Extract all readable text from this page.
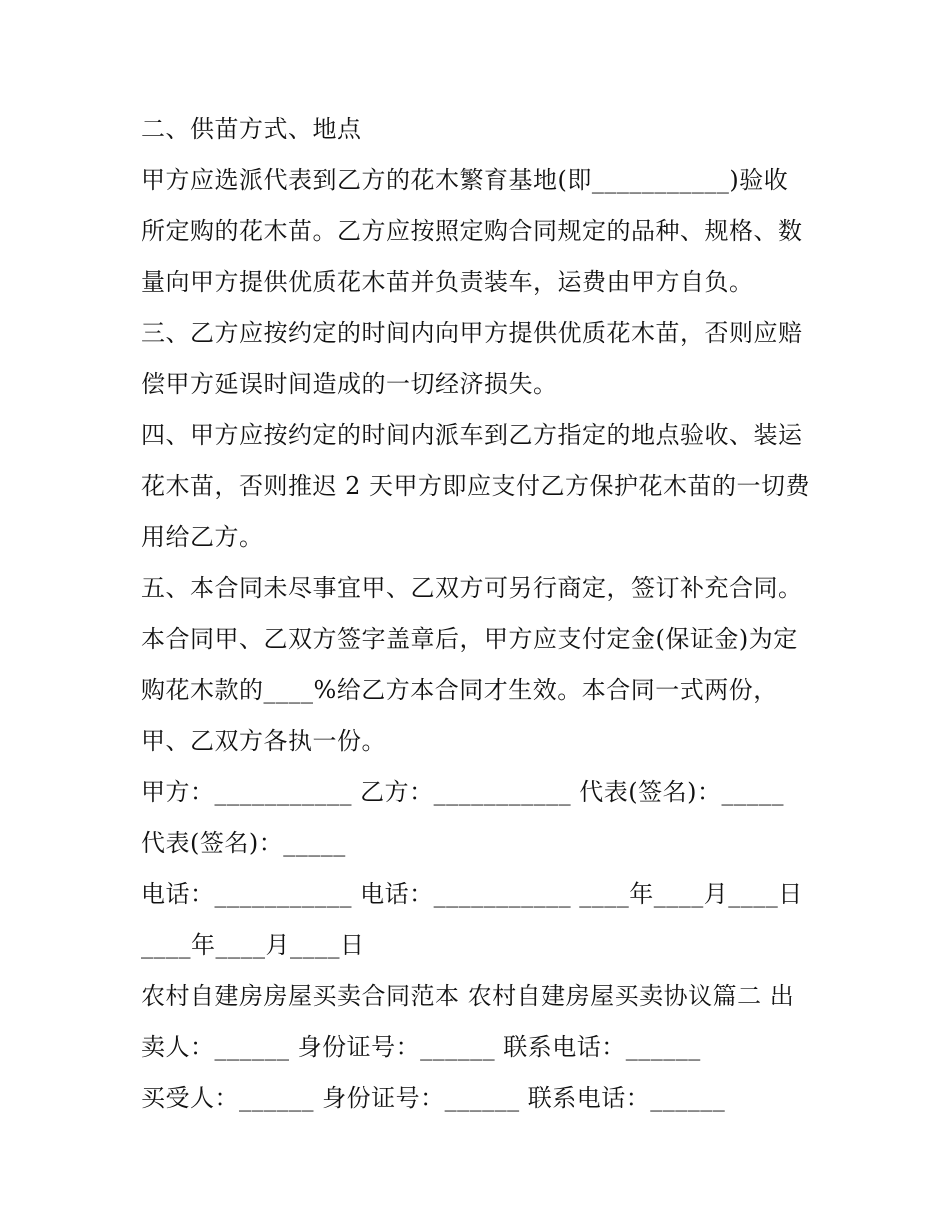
二、供苗方式、地点

甲方应选派代表到乙方的花木繁育基地(即___________)验收

所定购的花木苗。乙方应按照定购合同规定的品种、规格、数

量向甲方提供优质花木苗并负责装车，运费由甲方自负。

三、乙方应按约定的时间内向甲方提供优质花木苗，否则应赔

偿甲方延误时间造成的一切经济损失。

四、甲方应按约定的时间内派车到乙方指定的地点验收、装运

花木苗，否则推迟 2 天甲方即应支付乙方保护花木苗的一切费

用给乙方。

五、本合同未尽事宜甲、乙双方可另行商定，签订补充合同。

本合同甲、乙双方签字盖章后，甲方应支付定金(保证金)为定

购花木款的____%给乙方本合同才生效。本合同一式两份，

甲、乙双方各执一份。

甲方：___________ 乙方：___________ 代表(签名)：_____

代表(签名)：_____

电话：___________ 电话：___________ ____年____月____日

____年____月____日

农村自建房房屋买卖合同范本 农村自建房屋买卖协议篇二 出

卖人：______ 身份证号：______ 联系电话：______

买受人：______ 身份证号：______ 联系电话：______
